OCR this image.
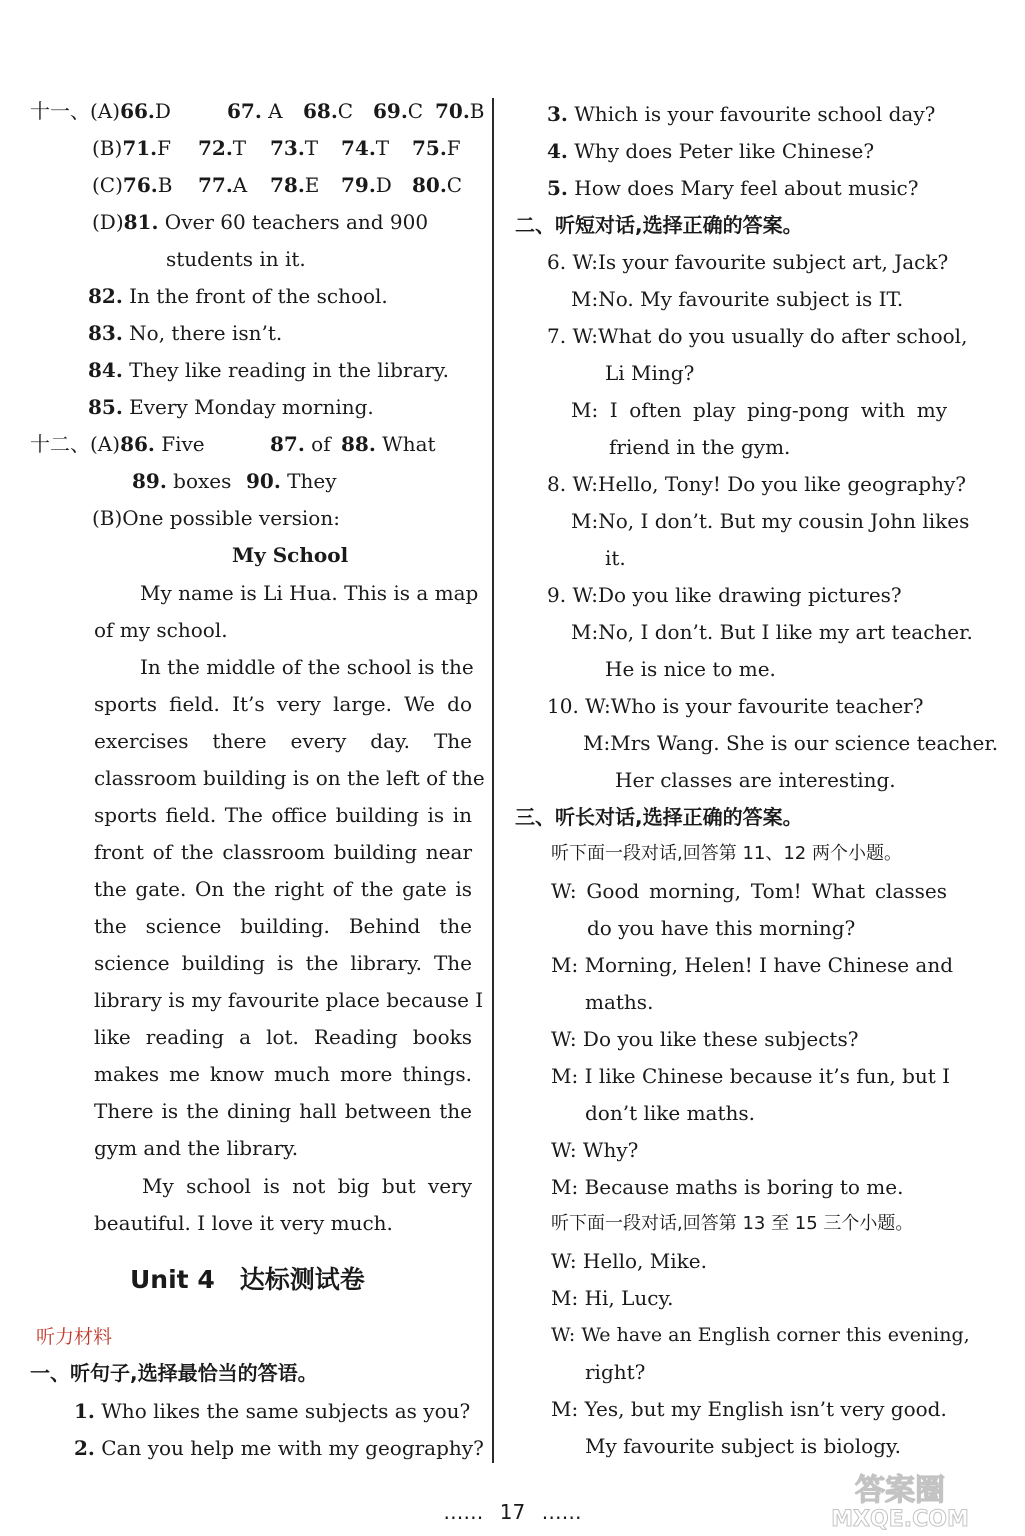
十一、(A)66.D	67. A 68.C 69.C 70.B
(B)71.F 72.T 73.T 74.T 75.F
(C)76.B 77.A 78.E 79.D 80.C
(D)81. Over 60 teachers and 900
students in it.
82. In the front of the school.
83. No, there isn’t.
84. They like reading in the library.
85. Every Monday morning.
十二、(A)86. Five	87. of 88. What
89. boxes 90. They
(B)One possible version:
My School
My name is Li Hua. This is a map
of my school.
In the middle of the school is the
sports field. It’s very large. We do
exercises there every day. The
classroom building is on the left of the
sports field. The office building is in
front of the classroom building near
the gate. On the right of the gate is
the science building. Behind the
science building is the library. The
library is my favourite place because I
like reading a lot. Reading books
makes me know much more things.
There is the dining hall between the
gym and the library.
My school is not big but very
beautiful. I love it very much.
Unit 4　达标测试卷
听力材料
一、听句子,选择最恰当的答语。
1. Who likes the same subjects as you?
2. Can you help me with my geography?
3. Which is your favourite school day?
4. Why does Peter like Chinese?
5. How does Mary feel about music?
二、听短对话,选择正确的答案。
6. W:Is your favourite subject art, Jack?
M:No. My favourite subject is IT.
7. W:What do you usually do after school,
Li Ming?
M: I often play ping-pong with my
friend in the gym.
8. W:Hello, Tony! Do you like geography?
M:No, I don’t. But my cousin John likes
it.
9. W:Do you like drawing pictures?
M:No, I don’t. But I like my art teacher.
He is nice to me.
10. W:Who is your favourite teacher?
M:Mrs Wang. She is our science teacher.
Her classes are interesting.
三、听长对话,选择正确的答案。
听下面一段对话,回答第 11、12 两个小题。
W: Good morning, Tom! What classes
do you have this morning?
M: Morning, Helen! I have Chinese and
maths.
W: Do you like these subjects?
M: I like Chinese because it’s fun, but I
don’t like maths.
W: Why?
M: Because maths is boring to me.
听下面一段对话,回答第 13 至 15 三个小题。
W: Hello, Mike.
M: Hi, Lucy.
W: We have an English corner this evening,
right?
M: Yes, but my English isn’t very good.
My favourite subject is biology.
…… 17 ……
答案圈
MXQE.COM
